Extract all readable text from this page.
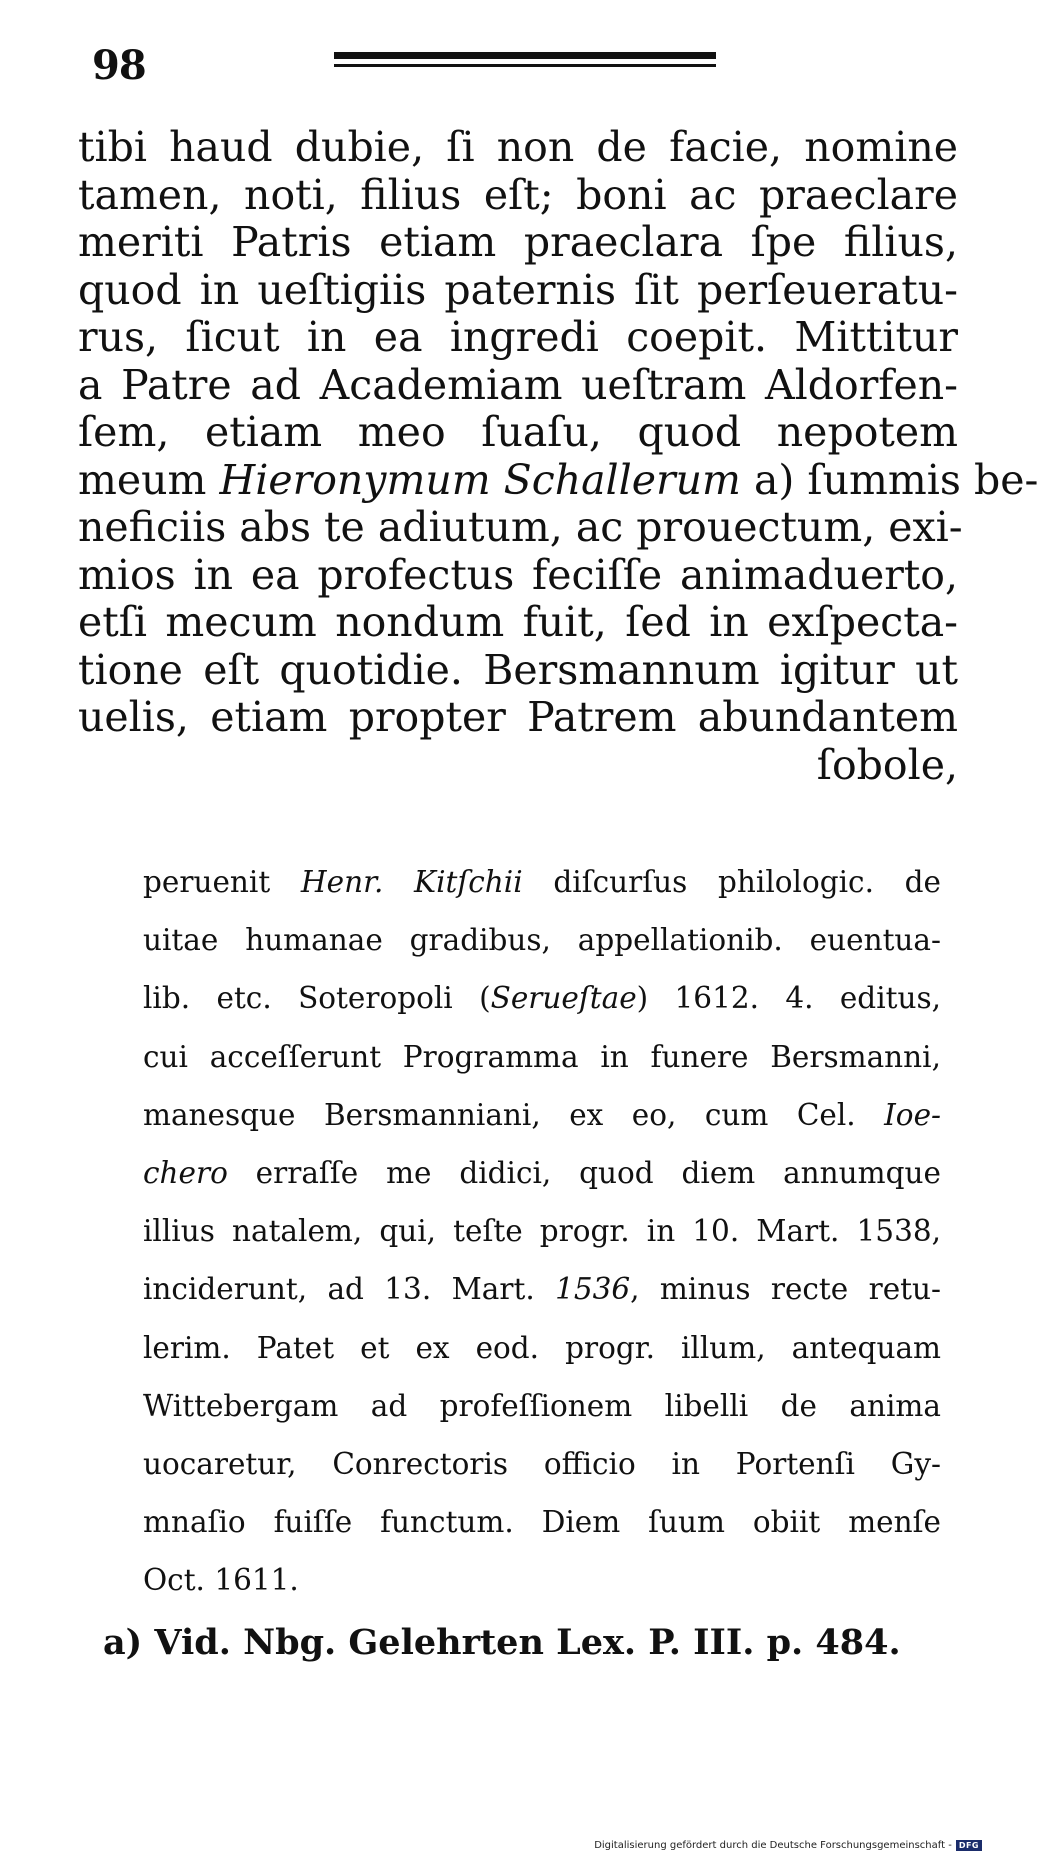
98
tibi haud dubie, ſi non de facie, nomine
tamen, noti, filius eſt; boni ac praeclare
meriti Patris etiam praeclara ſpe filius,
quod in ueſtigiis paternis ſit perſeueratu-
rus, ſicut in ea ingredi coepit. Mittitur
a Patre ad Academiam ueſtram Aldorfen-
ſem, etiam meo ſuaſu, quod nepotem
meum Hieronymum Schallerum a) ſummis be-
neficiis abs te adiutum, ac prouectum, exi-
mios in ea profectus feciſſe animaduerto,
etſi mecum nondum fuit, ſed in exſpecta-
tione eſt quotidie. Bersmannum igitur ut
uelis, etiam propter Patrem abundantem
ſobole,
peruenit Henr. Kitſchii diſcurſus philologic. de
uitae humanae gradibus, appellationib. euentua-
lib. etc. Soteropoli (Serueſtae) 1612. 4. editus,
cui acceſſerunt Programma in funere Bersmanni,
manesque Bersmanniani, ex eo, cum Cel. Ioe-
chero erraſſe me didici, quod diem annumque
illius natalem, qui, teſte progr. in 10. Mart. 1538,
inciderunt, ad 13. Mart. 1536, minus recte retu-
lerim. Patet et ex eod. progr. illum, antequam
Wittebergam ad profeſſionem libelli de anima
uocaretur, Conrectoris officio in Portenſi Gy-
mnaſio fuiſſe functum. Diem ſuum obiit menſe
Oct. 1611.
a) Vid. Nbg. Gelehrten Lex. P. III. p. 484.
Digitalisierung gefördert durch die Deutsche Forschungsgemeinschaft - DFG
